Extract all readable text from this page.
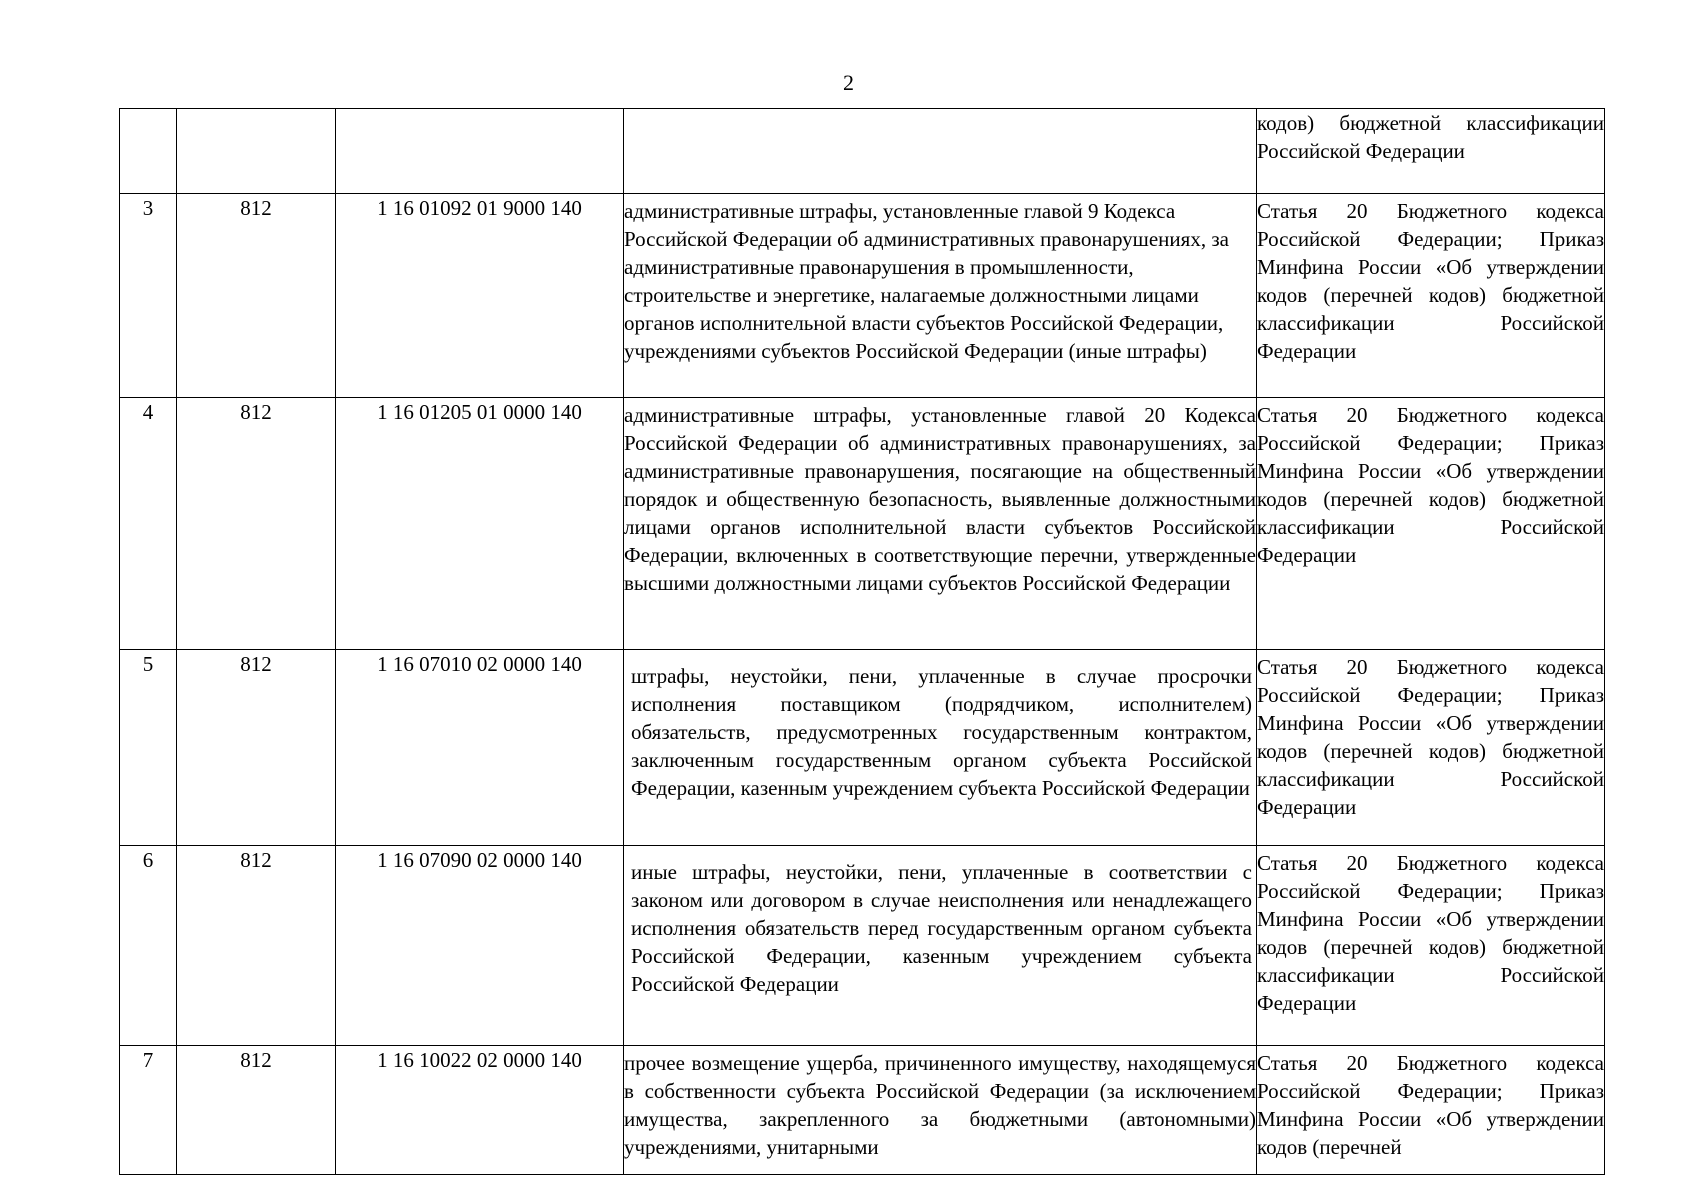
2

				кодов) бюджетной классификации Российской Федерации

3	812	1 16 01092 01 9000 140	административные штрафы, установленные главой 9 Кодекса Российской Федерации об административных правонарушениях, за административные правонарушения в промышленности, строительстве и энергетике, налагаемые должностными лицами органов исполнительной власти субъектов Российской Федерации, учреждениями субъектов Российской Федерации (иные штрафы)	Статья 20 Бюджетного кодекса Российской Федерации; Приказ Минфина России «Об утверждении кодов (перечней кодов) бюджетной классификации Российской Федерации

4	812	1 16 01205 01 0000 140	административные штрафы, установленные главой 20 Кодекса Российской Федерации об административных правонарушениях, за административные правонарушения, посягающие на общественный порядок и общественную безопасность, выявленные должностными лицами органов исполнительной власти субъектов Российской Федерации, включенных в соответствующие перечни, утвержденные высшими должностными лицами субъектов Российской Федерации	Статья 20 Бюджетного кодекса Российской Федерации; Приказ Минфина России «Об утверждении кодов (перечней кодов) бюджетной классификации Российской Федерации

5	812	1 16 07010 02 0000 140	штрафы, неустойки, пени, уплаченные в случае просрочки исполнения поставщиком (подрядчиком, исполнителем) обязательств, предусмотренных государственным контрактом, заключенным государственным органом субъекта Российской Федерации, казенным учреждением субъекта Российской Федерации	Статья 20 Бюджетного кодекса Российской Федерации; Приказ Минфина России «Об утверждении кодов (перечней кодов) бюджетной классификации Российской Федерации

6	812	1 16 07090 02 0000 140	иные штрафы, неустойки, пени, уплаченные в соответствии с законом или договором в случае неисполнения или ненадлежащего исполнения обязательств перед государственным органом субъекта Российской Федерации, казенным учреждением субъекта Российской Федерации	Статья 20 Бюджетного кодекса Российской Федерации; Приказ Минфина России «Об утверждении кодов (перечней кодов) бюджетной классификации Российской Федерации

7	812	1 16 10022 02 0000 140	прочее возмещение ущерба, причиненного имуществу, находящемуся в собственности субъекта Российской Федерации (за исключением имущества, закрепленного за бюджетными (автономными) учреждениями, унитарными	Статья 20 Бюджетного кодекса Российской Федерации; Приказ Минфина России «Об утверждении кодов (перечней
